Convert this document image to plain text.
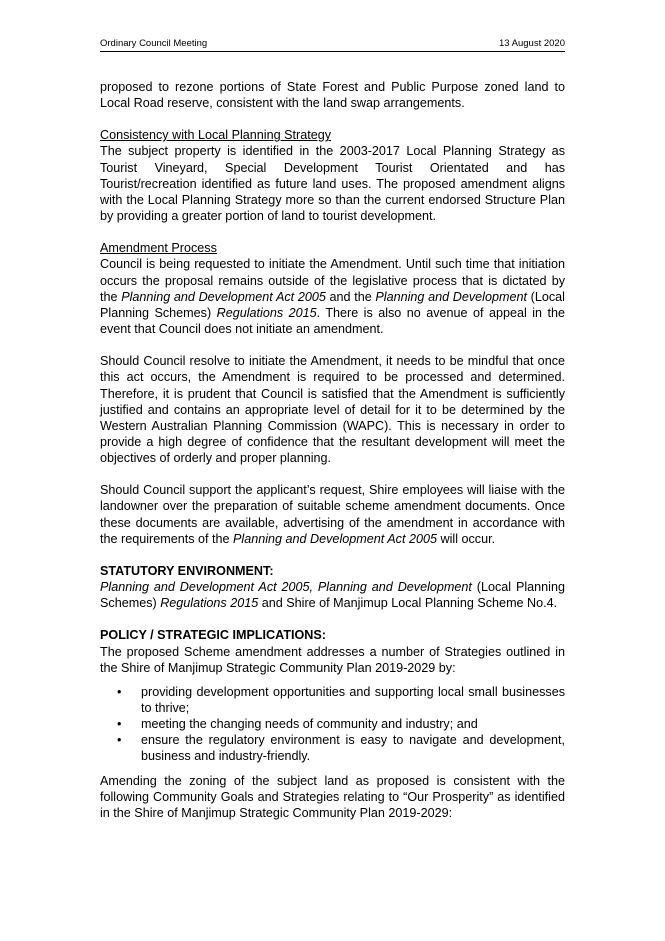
Ordinary Council Meeting	13 August 2020

proposed to rezone portions of State Forest and Public Purpose zoned land to Local Road reserve, consistent with the land swap arrangements.

Consistency with Local Planning Strategy

The subject property is identified in the 2003-2017 Local Planning Strategy as Tourist Vineyard, Special Development Tourist Orientated and has Tourist/recreation identified as future land uses. The proposed amendment aligns with the Local Planning Strategy more so than the current endorsed Structure Plan by providing a greater portion of land to tourist development.

Amendment Process

Council is being requested to initiate the Amendment. Until such time that initiation occurs the proposal remains outside of the legislative process that is dictated by the Planning and Development Act 2005 and the Planning and Development (Local Planning Schemes) Regulations 2015. There is also no avenue of appeal in the event that Council does not initiate an amendment.

Should Council resolve to initiate the Amendment, it needs to be mindful that once this act occurs, the Amendment is required to be processed and determined. Therefore, it is prudent that Council is satisfied that the Amendment is sufficiently justified and contains an appropriate level of detail for it to be determined by the Western Australian Planning Commission (WAPC). This is necessary in order to provide a high degree of confidence that the resultant development will meet the objectives of orderly and proper planning.

Should Council support the applicant’s request, Shire employees will liaise with the landowner over the preparation of suitable scheme amendment documents. Once these documents are available, advertising of the amendment in accordance with the requirements of the Planning and Development Act 2005 will occur.

STATUTORY ENVIRONMENT:

Planning and Development Act 2005, Planning and Development (Local Planning Schemes) Regulations 2015 and Shire of Manjimup Local Planning Scheme No.4.

POLICY / STRATEGIC IMPLICATIONS:

The proposed Scheme amendment addresses a number of Strategies outlined in the Shire of Manjimup Strategic Community Plan 2019-2029 by:

• providing development opportunities and supporting local small businesses to thrive;
• meeting the changing needs of community and industry; and
• ensure the regulatory environment is easy to navigate and development, business and industry-friendly.

Amending the zoning of the subject land as proposed is consistent with the following Community Goals and Strategies relating to “Our Prosperity” as identified in the Shire of Manjimup Strategic Community Plan 2019-2029:
